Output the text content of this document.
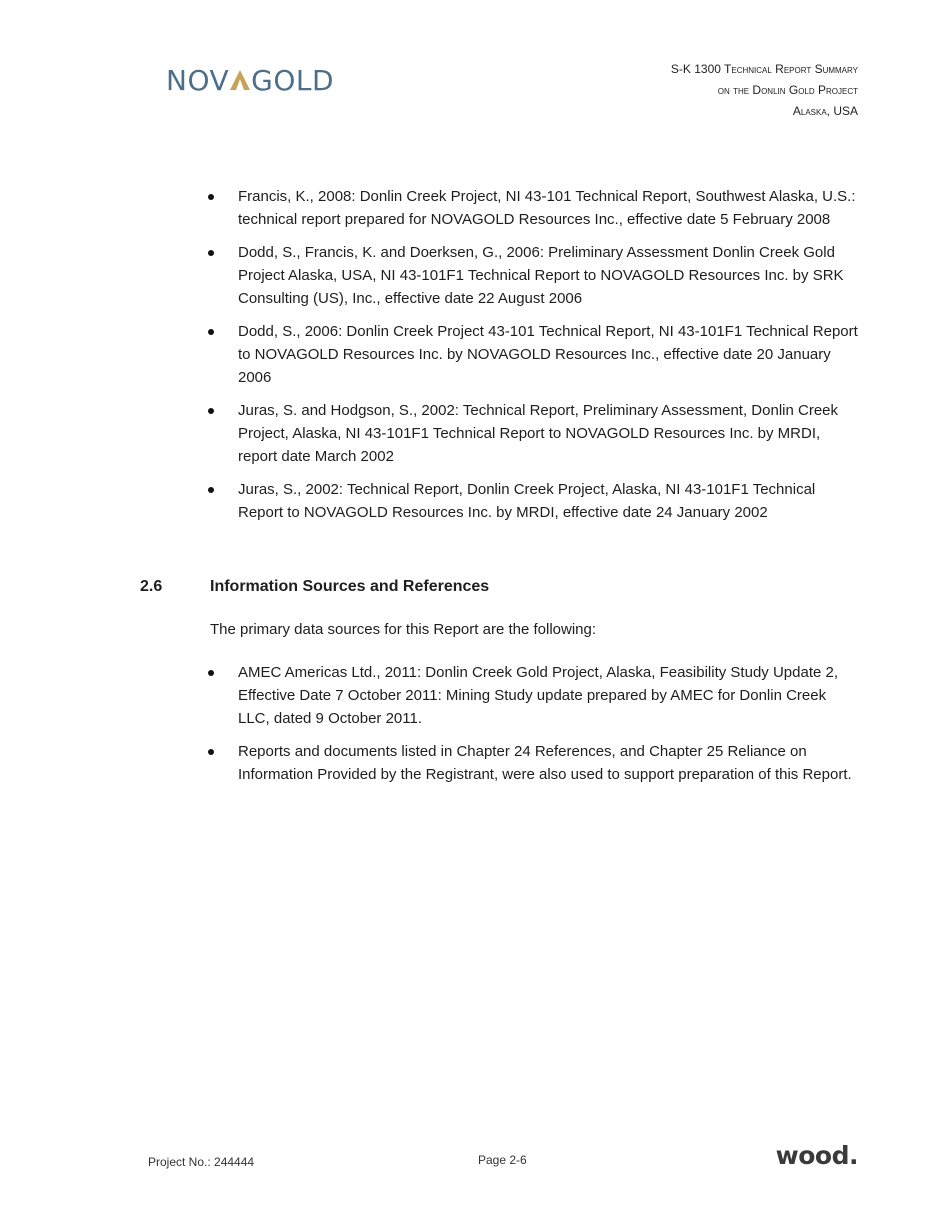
NOV GOLD	S-K 1300 Technical Report Summary
on the Donlin Gold Project
Alaska, USA
Francis, K., 2008: Donlin Creek Project, NI 43-101 Technical Report, Southwest Alaska, U.S.: technical report prepared for NOVAGOLD Resources Inc., effective date 5 February 2008
Dodd, S., Francis, K. and Doerksen, G., 2006: Preliminary Assessment Donlin Creek Gold Project Alaska, USA, NI 43-101F1 Technical Report to NOVAGOLD Resources Inc. by SRK Consulting (US), Inc., effective date 22 August 2006
Dodd, S., 2006: Donlin Creek Project 43-101 Technical Report, NI 43-101F1 Technical Report to NOVAGOLD Resources Inc. by NOVAGOLD Resources Inc., effective date 20 January 2006
Juras, S. and Hodgson, S., 2002: Technical Report, Preliminary Assessment, Donlin Creek Project, Alaska, NI 43-101F1 Technical Report to NOVAGOLD Resources Inc. by MRDI, report date March 2002
Juras, S., 2002: Technical Report, Donlin Creek Project, Alaska, NI 43-101F1 Technical Report to NOVAGOLD Resources Inc. by MRDI, effective date 24 January 2002
2.6	Information Sources and References
The primary data sources for this Report are the following:
AMEC Americas Ltd., 2011: Donlin Creek Gold Project, Alaska, Feasibility Study Update 2, Effective Date 7 October 2011: Mining Study update prepared by AMEC for Donlin Creek LLC, dated 9 October 2011.
Reports and documents listed in Chapter 24 References, and Chapter 25 Reliance on Information Provided by the Registrant, were also used to support preparation of this Report.
Project No.: 244444	Page 2-6	wood.
